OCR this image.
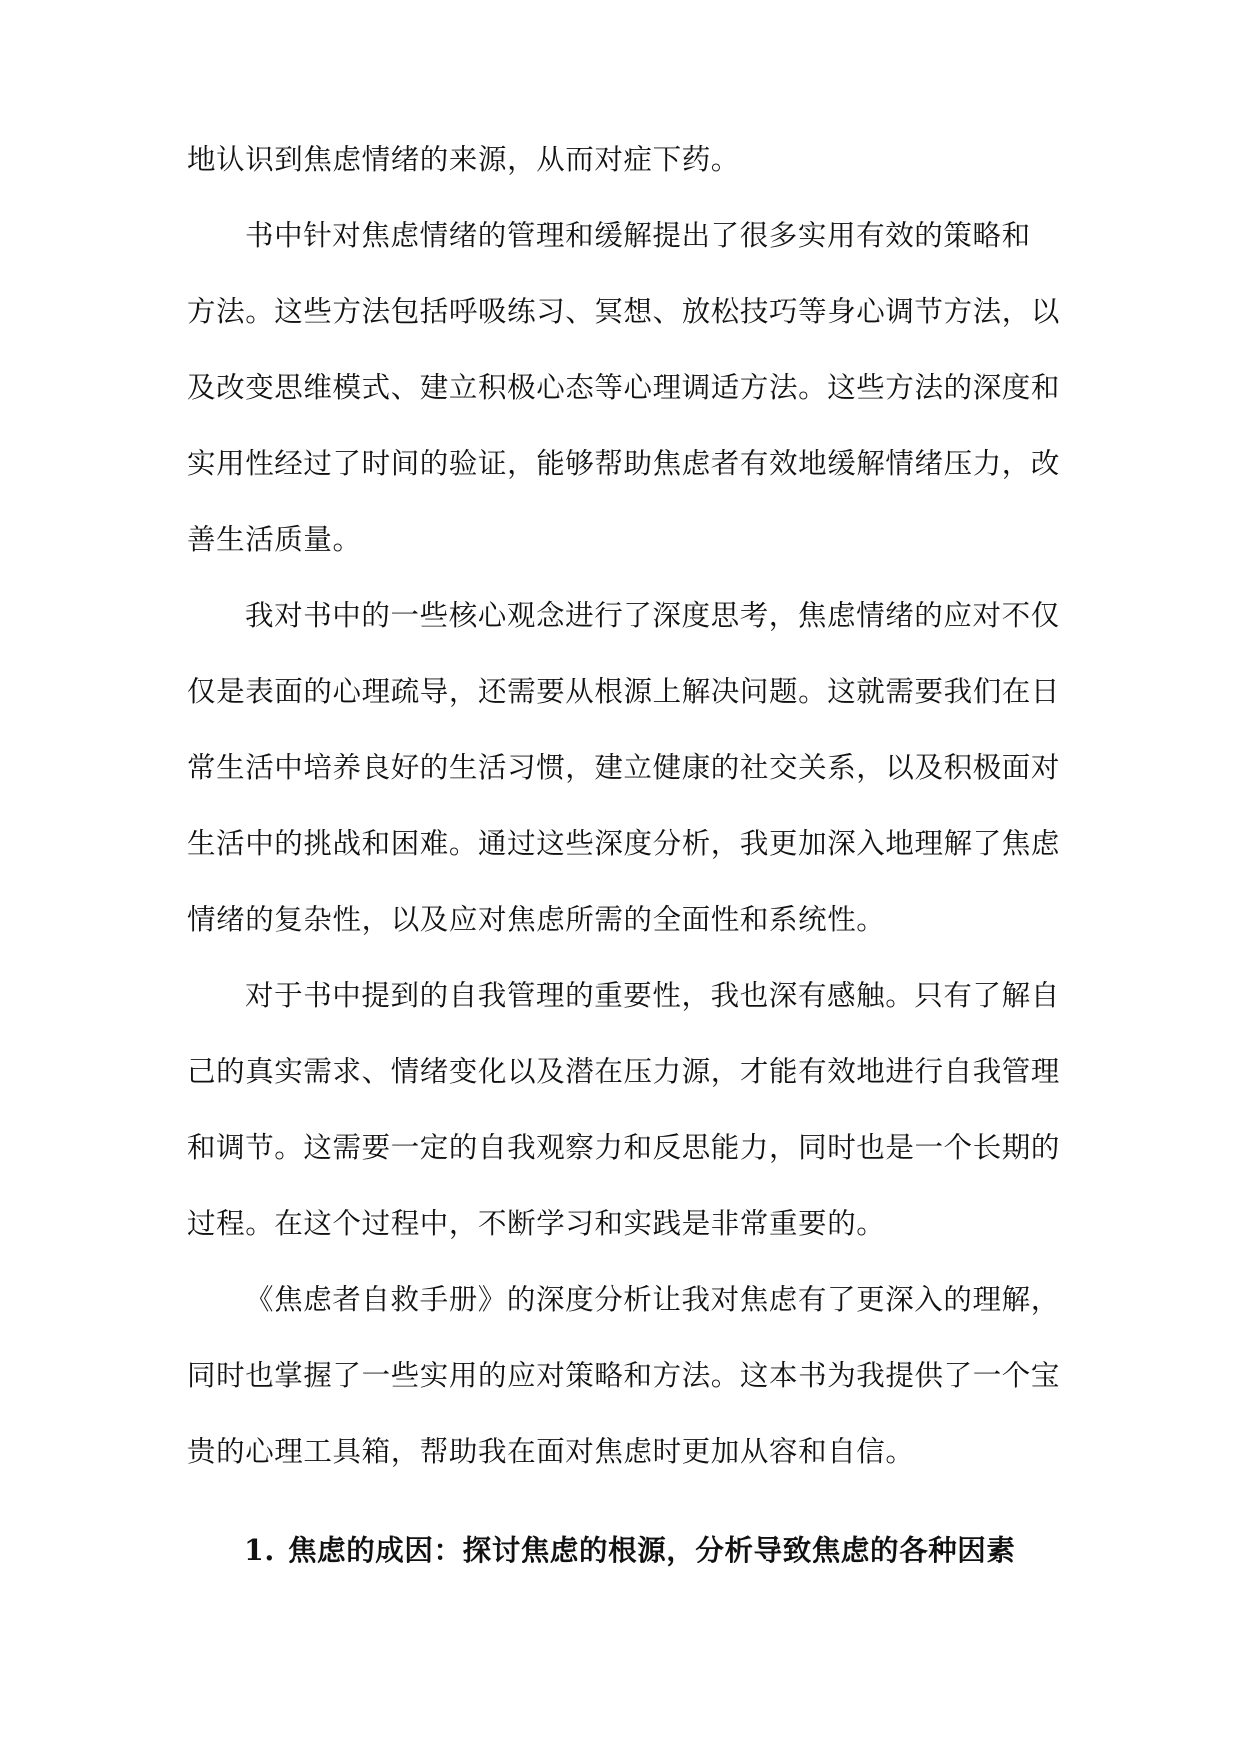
地认识到焦虑情绪的来源，从而对症下药。
书中针对焦虑情绪的管理和缓解提出了很多实用有效的策略和
方法。这些方法包括呼吸练习、冥想、放松技巧等身心调节方法，以
及改变思维模式、建立积极心态等心理调适方法。这些方法的深度和
实用性经过了时间的验证，能够帮助焦虑者有效地缓解情绪压力，改
善生活质量。
我对书中的一些核心观念进行了深度思考，焦虑情绪的应对不仅
仅是表面的心理疏导，还需要从根源上解决问题。这就需要我们在日
常生活中培养良好的生活习惯，建立健康的社交关系，以及积极面对
生活中的挑战和困难。通过这些深度分析，我更加深入地理解了焦虑
情绪的复杂性，以及应对焦虑所需的全面性和系统性。
对于书中提到的自我管理的重要性，我也深有感触。只有了解自
己的真实需求、情绪变化以及潜在压力源，才能有效地进行自我管理
和调节。这需要一定的自我观察力和反思能力，同时也是一个长期的
过程。在这个过程中，不断学习和实践是非常重要的。
《焦虑者自救手册》的深度分析让我对焦虑有了更深入的理解，
同时也掌握了一些实用的应对策略和方法。这本书为我提供了一个宝
贵的心理工具箱，帮助我在面对焦虑时更加从容和自信。
1. 焦虑的成因：探讨焦虑的根源，分析导致焦虑的各种因素
